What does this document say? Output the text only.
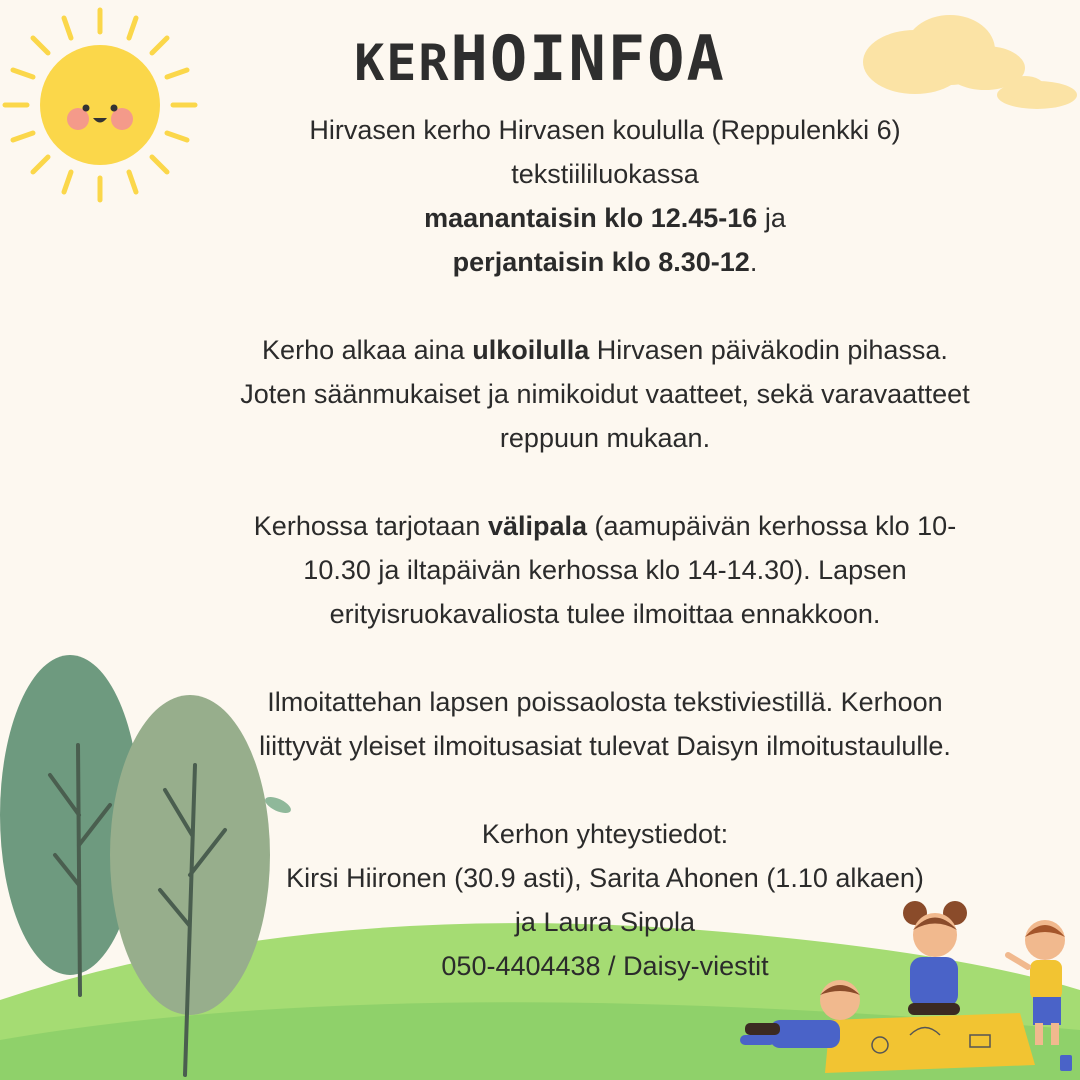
KERHOINFOA

Hirvasen kerho Hirvasen koululla (Reppulenkki 6)

tekstiililuokassa

maanantaisin klo 12.45-16 ja

perjantaisin klo 8.30-12.

Kerho alkaa aina ulkoilulla Hirvasen päiväkodin pihassa.

Joten säänmukaiset ja nimikoidut vaatteet, sekä varavaatteet

reppuun mukaan.

Kerhossa tarjotaan välipala (aamupäivän kerhossa klo 10-

10.30 ja iltapäivän kerhossa klo 14-14.30). Lapsen

erityisruokavaliosta tulee ilmoittaa ennakkoon.

Ilmoitattehan lapsen poissaolosta tekstiviestillä. Kerhoon

liittyvät yleiset ilmoitusasiat tulevat Daisyn ilmoitustaululle.

Kerhon yhteystiedot:

Kirsi Hiironen (30.9 asti), Sarita Ahonen (1.10 alkaen)

ja Laura Sipola

050-4404438 / Daisy-viestit
